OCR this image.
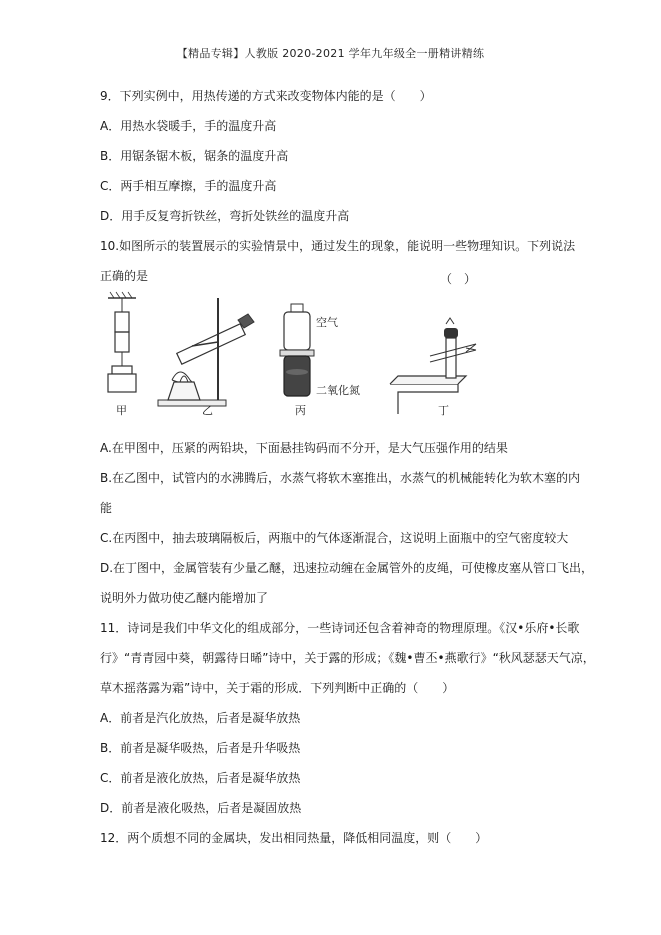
【精品专辑】人教版 2020-2021 学年九年级全一册精讲精练
9．下列实例中，用热传递的方式来改变物体内能的是（　　）
A．用热水袋暖手，手的温度升高
B．用锯条锯木板，锯条的温度升高
C．两手相互摩擦，手的温度升高
D．用手反复弯折铁丝，弯折处铁丝的温度升高
10.如图所示的装置展示的实验情景中，通过发生的现象，能说明一些物理知识。下列说法
正确的是	（　）
甲	乙
空气
二氧化氮
丙	丁
A.在甲图中，压紧的两铅块，下面悬挂钩码而不分开，是大气压强作用的结果
B.在乙图中，试管内的水沸腾后，水蒸气将软木塞推出，水蒸气的机械能转化为软木塞的内
能
C.在丙图中，抽去玻璃隔板后，两瓶中的气体逐渐混合，这说明上面瓶中的空气密度较大
D.在丁图中，金属管装有少量乙醚，迅速拉动缠在金属管外的皮绳，可使橡皮塞从管口飞出，
说明外力做功使乙醚内能增加了
11．诗词是我们中华文化的组成部分，一些诗词还包含着神奇的物理原理。《汉•乐府•长歌
行》“青青园中葵，朝露待日晞”诗中，关于露的形成；《魏•曹丕•燕歌行》“秋风瑟瑟天气凉，
草木摇落露为霜”诗中，关于霜的形成．下列判断中正确的（　　）
A．前者是汽化放热，后者是凝华放热
B．前者是凝华吸热，后者是升华吸热
C．前者是液化放热，后者是凝华放热
D．前者是液化吸热，后者是凝固放热
12．两个质想不同的金属块，发出相同热量，降低相同温度，则（　　）
